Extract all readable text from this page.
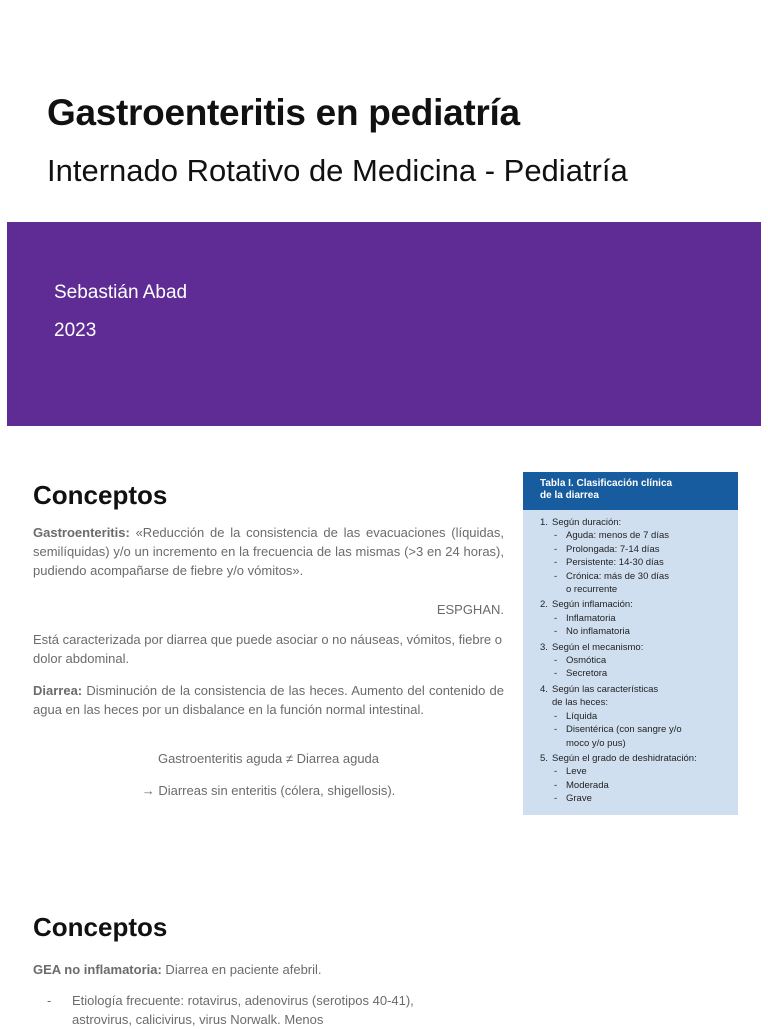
Gastroenteritis en pediatría
Internado Rotativo de Medicina - Pediatría
Sebastián Abad
2023
Conceptos

Gastroenteritis: «Reducción de la consistencia de las evacuaciones (líquidas, semilíquidas) y/o un incremento en la frecuencia de las mismas (>3 en 24 horas), pudiendo acompañarse de fiebre y/o vómitos».

ESPGHAN.

Está caracterizada por diarrea que puede asociar o no náuseas, vómitos, fiebre o dolor abdominal.

Diarrea: Disminución de la consistencia de las heces. Aumento del contenido de agua en las heces por un disbalance en la función normal intestinal.

Gastroenteritis aguda ≠ Diarrea aguda

→ Diarreas sin enteritis (cólera, shigellosis).

Tabla I. Clasificación clínica
de la diarrea
1. Según duración:
- Aguda: menos de 7 días
- Prolongada: 7-14 días
- Persistente: 14-30 días
- Crónica: más de 30 días
o recurrente
2. Según inflamación:
- Inflamatoria
- No inflamatoria
3. Según el mecanismo:
- Osmótica
- Secretora
4. Según las características
de las heces:
- Líquida
- Disentérica (con sangre y/o
moco y/o pus)
5. Según el grado de deshidratación:
- Leve
- Moderada
- Grave
Conceptos

GEA no inflamatoria: Diarrea en paciente afebril.

- Etiología frecuente: rotavirus, adenovirus (serotipos 40-41), astrovirus, calicivirus, virus Norwalk. Menos
